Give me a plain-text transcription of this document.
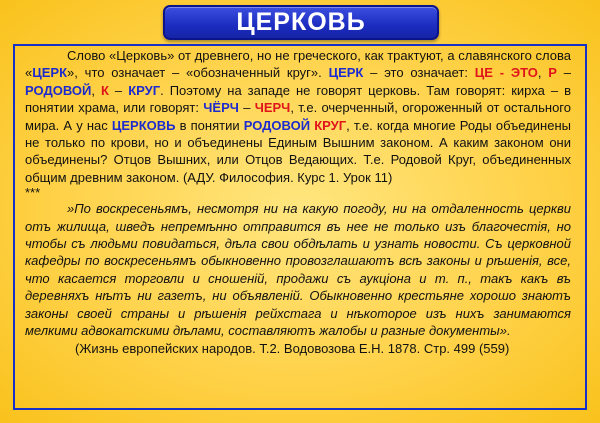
ЦЕРКОВЬ

Слово «Церковь» от древнего, но не греческого, как трактуют, а славянского слова «ЦЕРК», что означает – «обозначенный круг». ЦЕРК – это означает: ЦЕ - ЭТО, Р – РОДОВОЙ, К – КРУГ. Поэтому на западе не говорят церковь. Там говорят: кирха – в понятии храма, или говорят: ЧЁРЧ – ЧЕРЧ, т.е. очерченный, огороженный от остального мира. А у нас ЦЕРКОВЬ в понятии РОДОВОЙ КРУГ, т.е. когда многие Роды объединены не только по крови, но и объединены Единым Вышним законом. А каким законом они объединены? Отцов Вышних, или Отцов Ведающих. Т.е. Родовой Круг, объединенных общим древним законом. (АДУ. Философия. Курс 1. Урок 11)

***

»По воскресеньямъ, несмотря ни на какую погоду, ни на отдаленность церкви отъ жилища, шведъ непремѣнно отправится въ нее не только изъ благочестія, но чтобы съ людьми повидаться, дѣла свои обдѣлать и узнать новости. Съ церковной кафедры по воскресеньямъ обыкновенно провозглашаютъ всѣ законы и рѣшенія, все, что касается торговли и сношеній, продажи съ аукціона и т. п., такъ какъ въ деревняхъ нѣтъ ни газетъ, ни объявленій. Обыкновенно крестьяне хорошо знаютъ законы своей страны и рѣшенія рейхстага и нѣкоторое изъ нихъ занимаются мелкими адвокатскими дѣлами, составляютъ жалобы и разные документы».

(Жизнь европейских народов. Т.2. Водовозова Е.Н. 1878. Стр. 499 (559)
